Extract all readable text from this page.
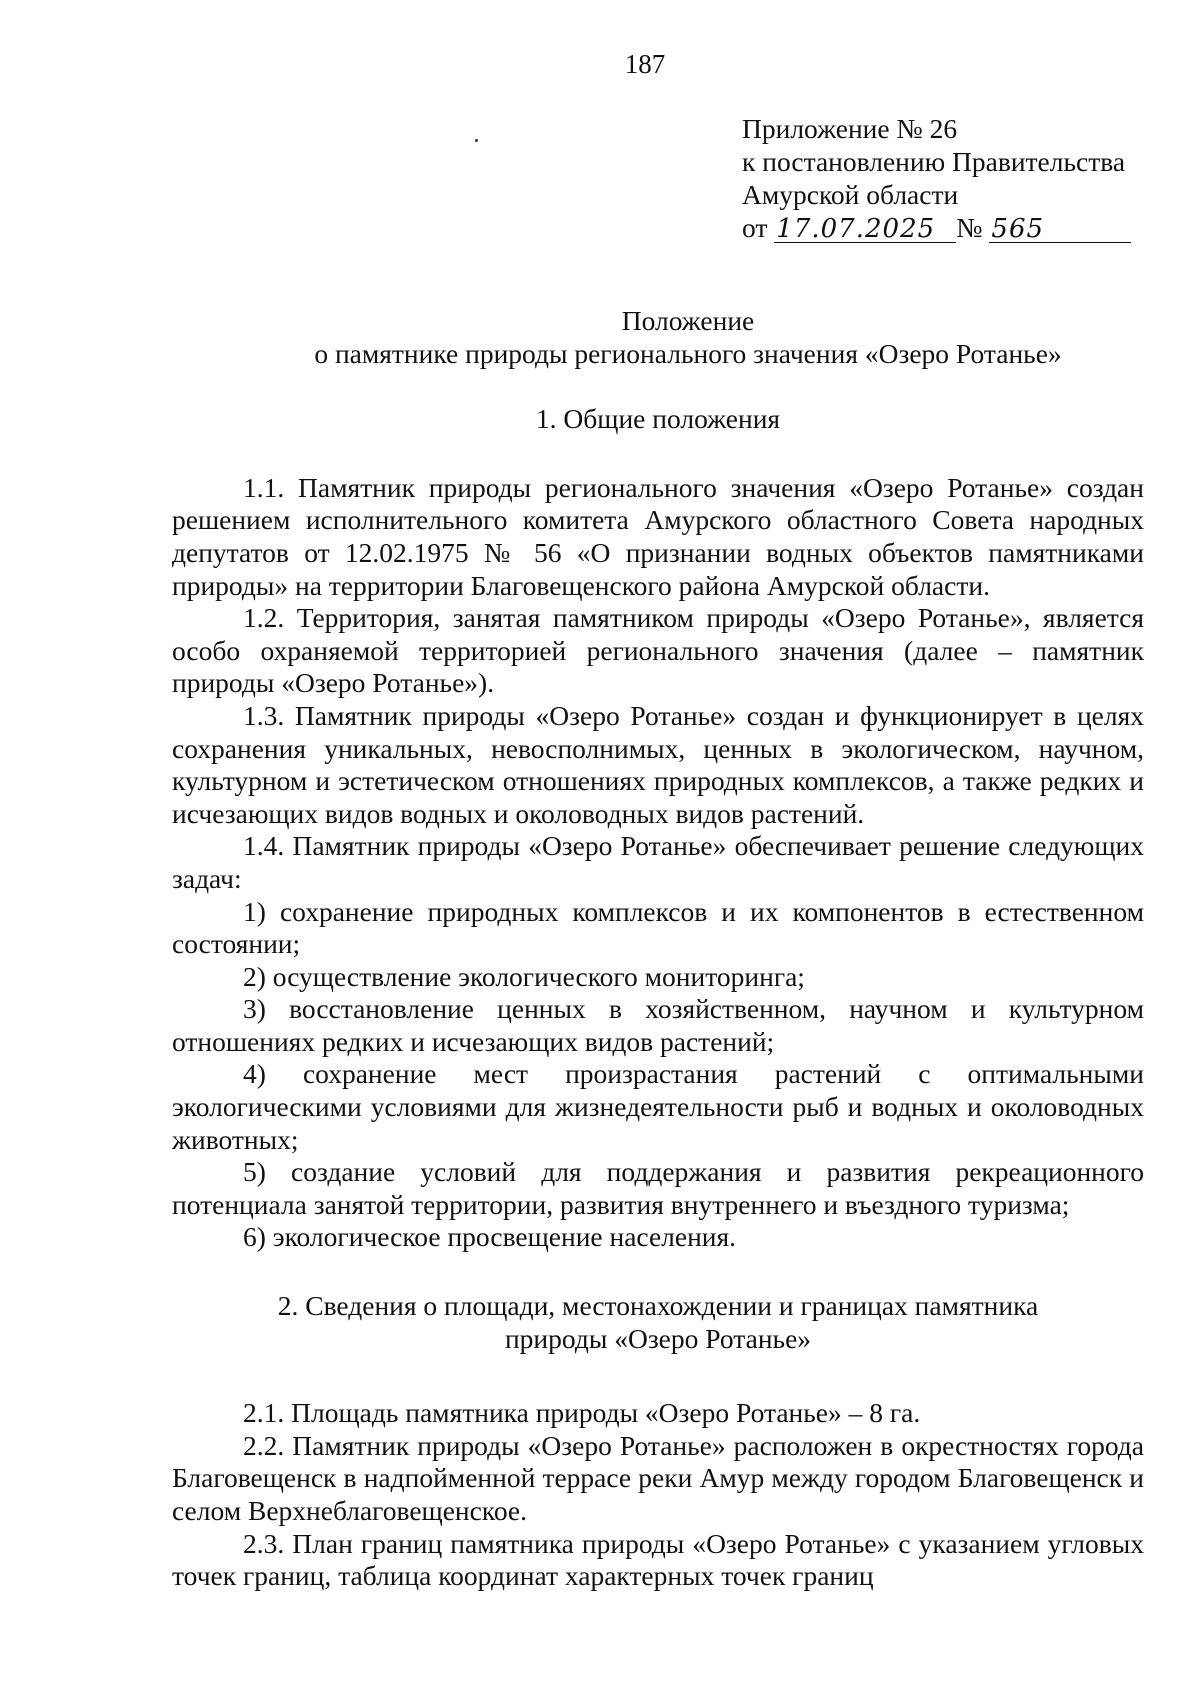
187
Приложение № 26
к постановлению Правительства
Амурской области
от 17.07.2025 № 565

Положение

о памятнике природы регионального значения «Озеро Ротанье»

1. Общие положения

1.1. Памятник природы регионального значения «Озеро Ротанье» создан решением исполнительного комитета Амурского областного Совета народных депутатов от 12.02.1975 № 56 «О признании водных объектов памятниками природы» на территории Благовещенского района Амурской области.

1.2. Территория, занятая памятником природы «Озеро Ротанье», является особо охраняемой территорией регионального значения (далее – памятник природы «Озеро Ротанье»).

1.3. Памятник природы «Озеро Ротанье» создан и функционирует в целях сохранения уникальных, невосполнимых, ценных в экологическом, научном, культурном и эстетическом отношениях природных комплексов, а также редких и исчезающих видов водных и околоводных видов растений.

1.4. Памятник природы «Озеро Ротанье» обеспечивает решение следующих задач:

1) сохранение природных комплексов и их компонентов в естественном состоянии;

2) осуществление экологического мониторинга;

3) восстановление ценных в хозяйственном, научном и культурном отношениях редких и исчезающих видов растений;

4) сохранение мест произрастания растений с оптимальными экологическими условиями для жизнедеятельности рыб и водных и околоводных животных;

5) создание условий для поддержания и развития рекреационного потенциала занятой территории, развития внутреннего и въездного туризма;

6) экологическое просвещение населения.

2. Сведения о площади, местонахождении и границах памятника

природы «Озеро Ротанье»

2.1. Площадь памятника природы «Озеро Ротанье» – 8 га.

2.2. Памятник природы «Озеро Ротанье» расположен в окрестностях города Благовещенск в надпойменной террасе реки Амур между городом Благовещенск и селом Верхнеблаговещенское.

2.3. План границ памятника природы «Озеро Ротанье» с указанием угловых точек границ, таблица координат характерных точек границ
